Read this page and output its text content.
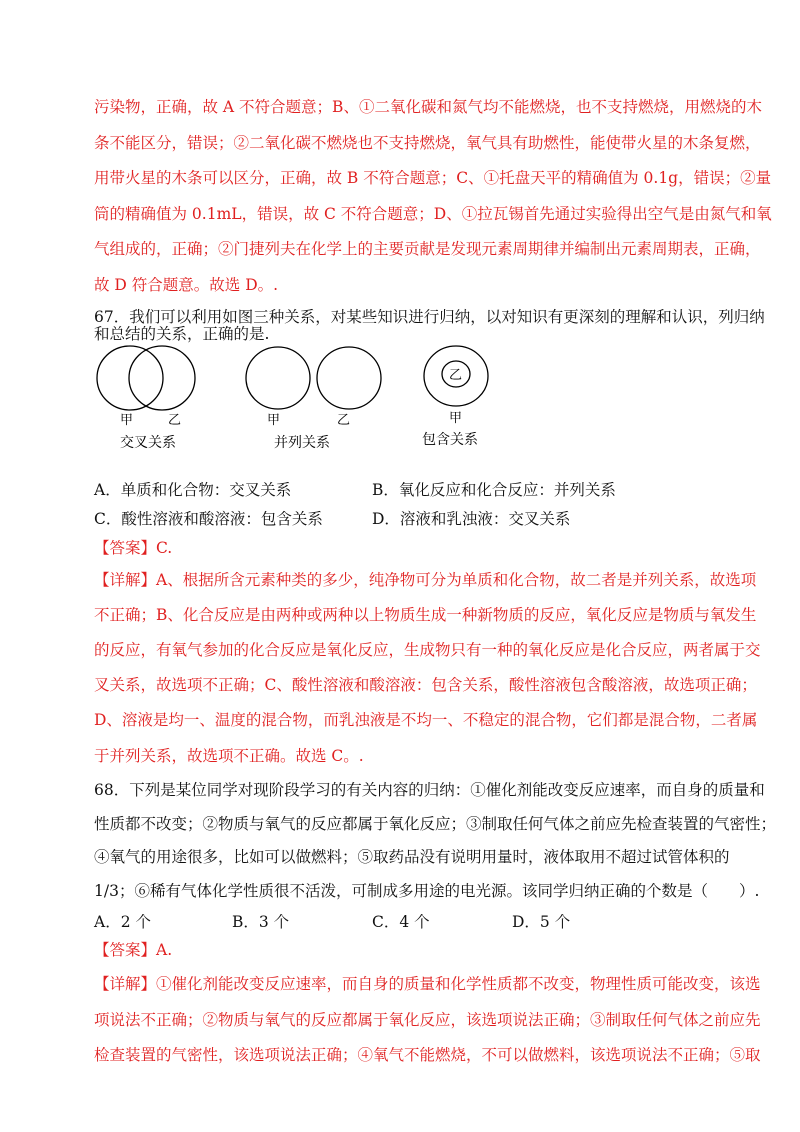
污染物，正确，故 A 不符合题意；B、①二氧化碳和氮气均不能燃烧，也不支持燃烧，用燃烧的木
条不能区分，错误；②二氧化碳不燃烧也不支持燃烧，氧气具有助燃性，能使带火星的木条复燃，
用带火星的木条可以区分，正确，故 B 不符合题意；C、①托盘天平的精确值为 0.1g，错误；②量
筒的精确值为 0.1mL，错误，故 C 不符合题意；D、①拉瓦锡首先通过实验得出空气是由氮气和氧
气组成的，正确；②门捷列夫在化学上的主要贡献是发现元素周期律并编制出元素周期表，正确，
故 D 符合题意。故选 D。.
67．我们可以利用如图三种关系，对某些知识进行归纳，以对知识有更深刻的理解和认识，列归纳
和总结的关系，正确的是.
甲	乙
交叉关系
甲	乙
并列关系
乙
甲
包含关系
A．单质和化合物：交叉关系	B．氧化反应和化合反应：并列关系
C．酸性溶液和酸溶液：包含关系	D．溶液和乳浊液：交叉关系
【答案】C.
【详解】A、根据所含元素种类的多少，纯净物可分为单质和化合物，故二者是并列关系，故选项
不正确；B、化合反应是由两种或两种以上物质生成一种新物质的反应，氧化反应是物质与氧发生
的反应，有氧气参加的化合反应是氧化反应，生成物只有一种的氧化反应是化合反应，两者属于交
叉关系，故选项不正确；C、酸性溶液和酸溶液：包含关系，酸性溶液包含酸溶液，故选项正确；
D、溶液是均一、温度的混合物，而乳浊液是不均一、不稳定的混合物，它们都是混合物，二者属
于并列关系，故选项不正确。故选 C。.
68．下列是某位同学对现阶段学习的有关内容的归纳：①催化剂能改变反应速率，而自身的质量和
性质都不改变；②物质与氧气的反应都属于氧化反应；③制取任何气体之前应先检查装置的气密性；
④氧气的用途很多，比如可以做燃料；⑤取药品没有说明用量时，液体取用不超过试管体积的
1/3；⑥稀有气体化学性质很不活泼，可制成多用途的电光源。该同学归纳正确的个数是（　　）.
A．2 个	B．3 个	C．4 个	D．5 个
【答案】A.
【详解】①催化剂能改变反应速率，而自身的质量和化学性质都不改变，物理性质可能改变，该选
项说法不正确；②物质与氧气的反应都属于氧化反应，该选项说法正确；③制取任何气体之前应先
检查装置的气密性，该选项说法正确；④氧气不能燃烧，不可以做燃料，该选项说法不正确；⑤取
